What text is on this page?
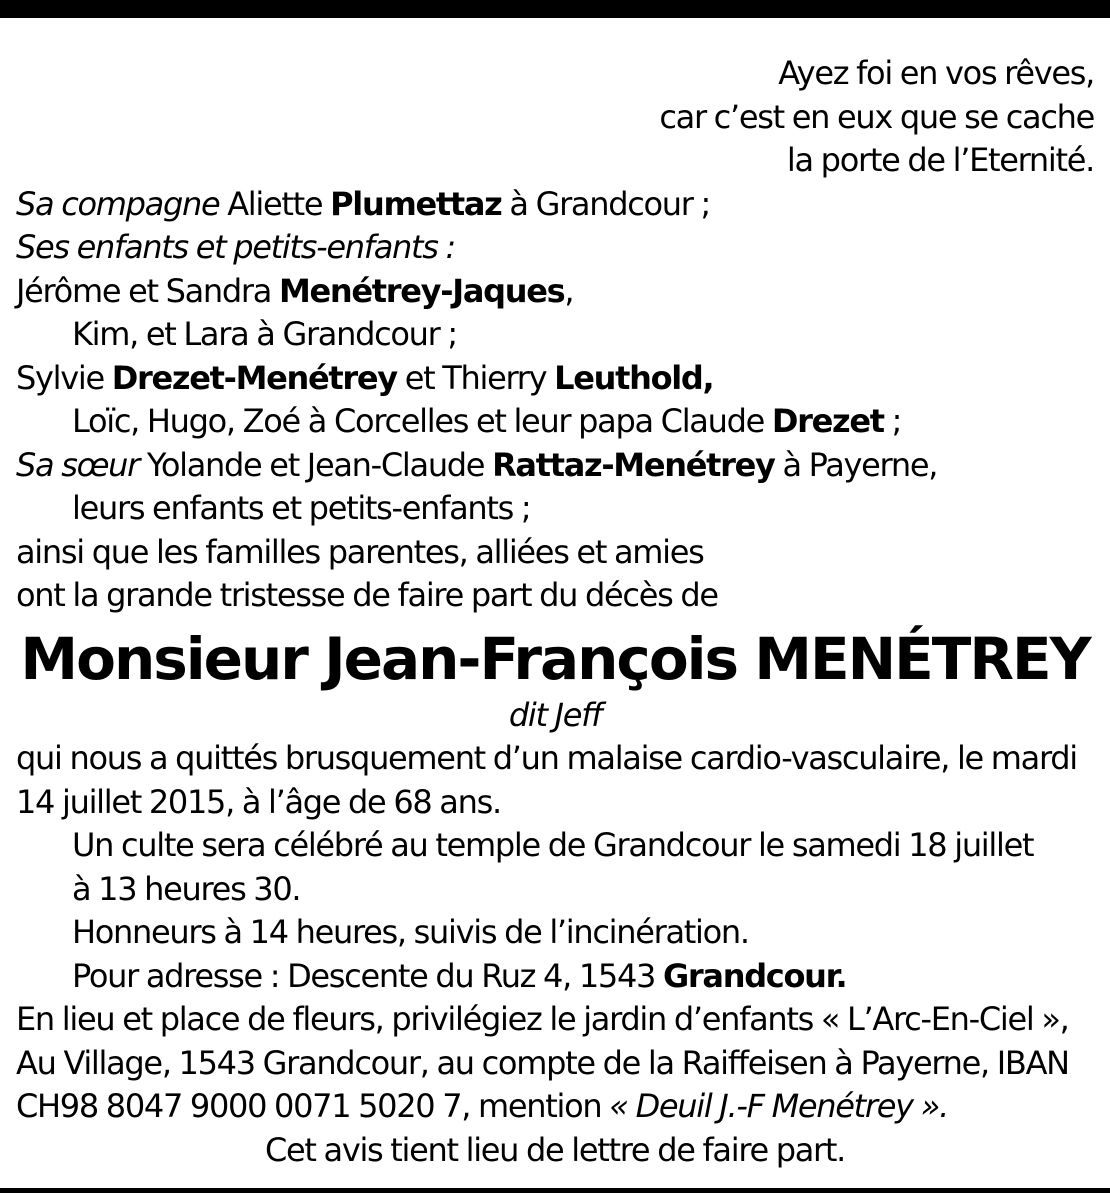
Ayez foi en vos rêves,
car c’est en eux que se cache
la porte de l’Eternité.
Sa compagne Aliette Plumettaz à Grandcour ;
Ses enfants et petits-enfants :
Jérôme et Sandra Menétrey-Jaques,
Kim, et Lara à Grandcour ;
Sylvie Drezet-Menétrey et Thierry Leuthold,
Loïc, Hugo, Zoé à Corcelles et leur papa Claude Drezet ;
Sa sœur Yolande et Jean-Claude Rattaz-Menétrey à Payerne,
leurs enfants et petits-enfants ;
ainsi que les familles parentes, alliées et amies
ont la grande tristesse de faire part du décès de
Monsieur Jean-François MENÉTREY
dit Jeff
qui nous a quittés brusquement d’un malaise cardio-vasculaire, le mardi
14 juillet 2015, à l’âge de 68 ans.
Un culte sera célébré au temple de Grandcour le samedi 18 juillet
à 13 heures 30.
Honneurs à 14 heures, suivis de l’incinération.
Pour adresse : Descente du Ruz 4, 1543 Grandcour.
En lieu et place de fleurs, privilégiez le jardin d’enfants « L’Arc-En-Ciel »,
Au Village, 1543 Grandcour, au compte de la Raiffeisen à Payerne, IBAN
CH98 8047 9000 0071 5020 7, mention « Deuil J.-F Menétrey ».
Cet avis tient lieu de lettre de faire part.
